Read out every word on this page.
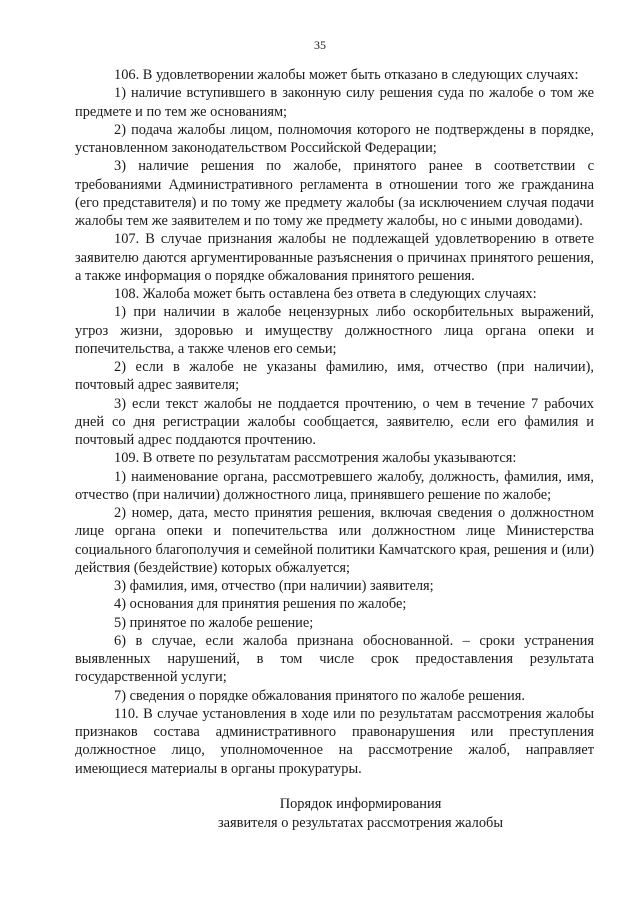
35

106. В удовлетворении жалобы может быть отказано в следующих случаях:

1) наличие вступившего в законную силу решения суда по жалобе о том же предмете и по тем же основаниям;

2) подача жалобы лицом, полномочия которого не подтверждены в порядке, установленном законодательством Российской Федерации;

3) наличие решения по жалобе, принятого ранее в соответствии с требованиями Административного регламента в отношении того же гражданина (его представителя) и по тому же предмету жалобы (за исключением случая подачи жалобы тем же заявителем и по тому же предмету жалобы, но с иными доводами).

107. В случае признания жалобы не подлежащей удовлетворению в ответе заявителю даются аргументированные разъяснения о причинах принятого решения, а также информация о порядке обжалования принятого решения.

108. Жалоба может быть оставлена без ответа в следующих случаях:

1) при наличии в жалобе нецензурных либо оскорбительных выражений, угроз жизни, здоровью и имуществу должностного лица органа опеки и попечительства, а также членов его семьи;

2) если в жалобе не указаны фамилию, имя, отчество (при наличии), почтовый адрес заявителя;

3) если текст жалобы не поддается прочтению, о чем в течение 7 рабочих дней со дня регистрации жалобы сообщается, заявителю, если его фамилия и почтовый адрес поддаются прочтению.

109. В ответе по результатам рассмотрения жалобы указываются:

1) наименование органа, рассмотревшего жалобу, должность, фамилия, имя, отчество (при наличии) должностного лица, принявшего решение по жалобе;

2) номер, дата, место принятия решения, включая сведения о должностном лице органа опеки и попечительства или должностном лице Министерства социального благополучия и семейной политики Камчатского края, решения и (или) действия (бездействие) которых обжалуется;

3) фамилия, имя, отчество (при наличии) заявителя;

4) основания для принятия решения по жалобе;

5) принятое по жалобе решение;

6) в случае, если жалоба признана обоснованной. – сроки устранения выявленных нарушений, в том числе срок предоставления результата государственной услуги;

7) сведения о порядке обжалования принятого по жалобе решения.

110. В случае установления в ходе или по результатам рассмотрения жалобы признаков состава административного правонарушения или преступления должностное лицо, уполномоченное на рассмотрение жалоб, направляет имеющиеся материалы в органы прокуратуры.

Порядок информирования
заявителя о результатах рассмотрения жалобы
